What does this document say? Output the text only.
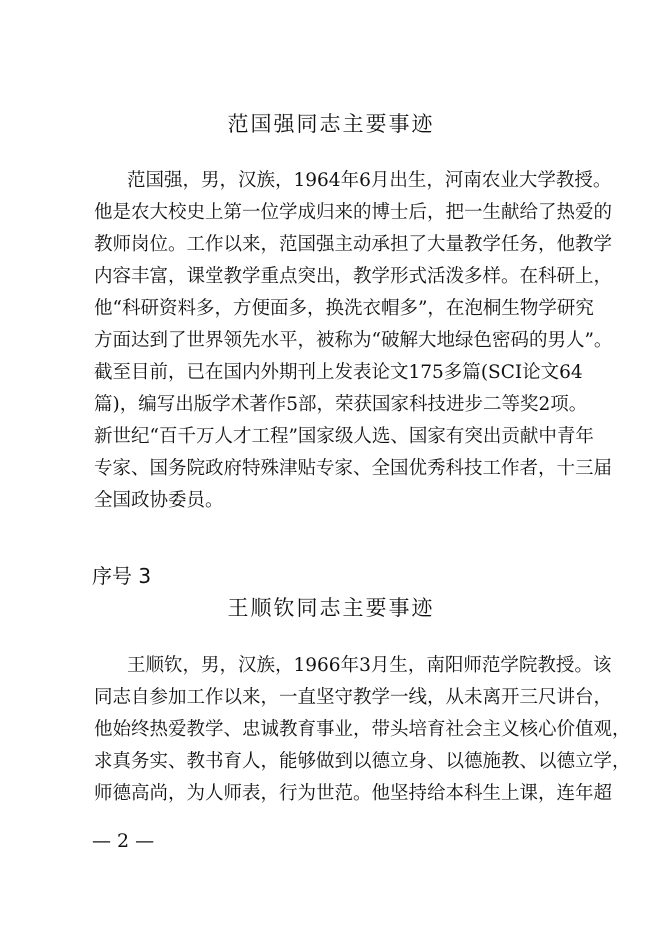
范国强同志主要事迹
范国强，男，汉族，1964年6月出生，河南农业大学教授。
他是农大校史上第一位学成归来的博士后，把一生献给了热爱的
教师岗位。工作以来，范国强主动承担了大量教学任务，他教学
内容丰富，课堂教学重点突出，教学形式活泼多样。在科研上，
他“科研资料多，方便面多，换洗衣帽多”，在泡桐生物学研究
方面达到了世界领先水平，被称为“破解大地绿色密码的男人”。
截至目前，已在国内外期刊上发表论文175多篇(SCI论文64
篇)，编写出版学术著作5部，荣获国家科技进步二等奖2项。
新世纪“百千万人才工程”国家级人选、国家有突出贡献中青年
专家、国务院政府特殊津贴专家、全国优秀科技工作者，十三届
全国政协委员。
序号 3
王顺钦同志主要事迹
王顺钦，男，汉族，1966年3月生，南阳师范学院教授。该
同志自参加工作以来，一直坚守教学一线，从未离开三尺讲台，
他始终热爱教学、忠诚教育事业，带头培育社会主义核心价值观，
求真务实、教书育人，能够做到以德立身、以德施教、以德立学，
师德高尚，为人师表，行为世范。他坚持给本科生上课，连年超
— 2 —
